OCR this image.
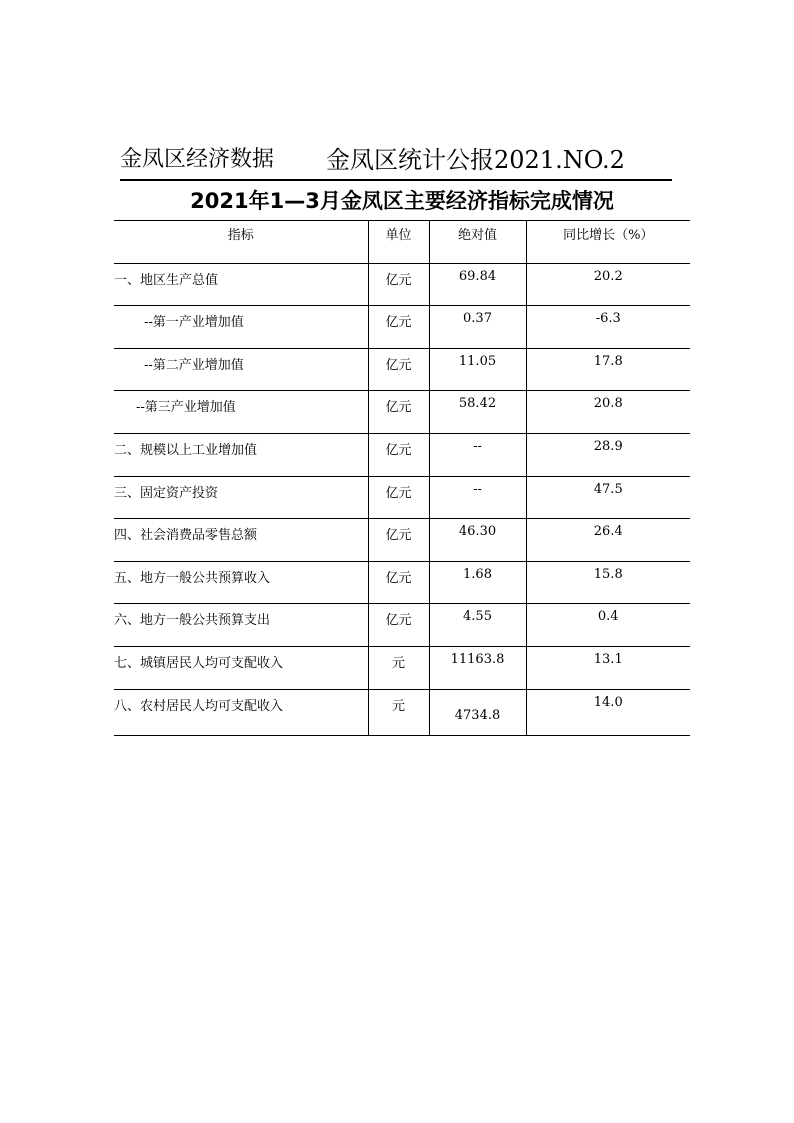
金凤区经济数据 金凤区统计公报2021.NO.2
2021年1—3月金凤区主要经济指标完成情况
指标	单位	绝对值	同比增长（%）
一、地区生产总值	亿元	69.84	20.2
--第一产业增加值	亿元	0.37	-6.3
--第二产业增加值	亿元	11.05	17.8
--第三产业增加值	亿元	58.42	20.8
二、规模以上工业增加值	亿元	--	28.9
三、固定资产投资	亿元	--	47.5
四、社会消费品零售总额	亿元	46.30	26.4
五、地方一般公共预算收入	亿元	1.68	15.8
六、地方一般公共预算支出	亿元	4.55	0.4
七、城镇居民人均可支配收入	元	11163.8	13.1
八、农村居民人均可支配收入	元	4734.8	14.0
